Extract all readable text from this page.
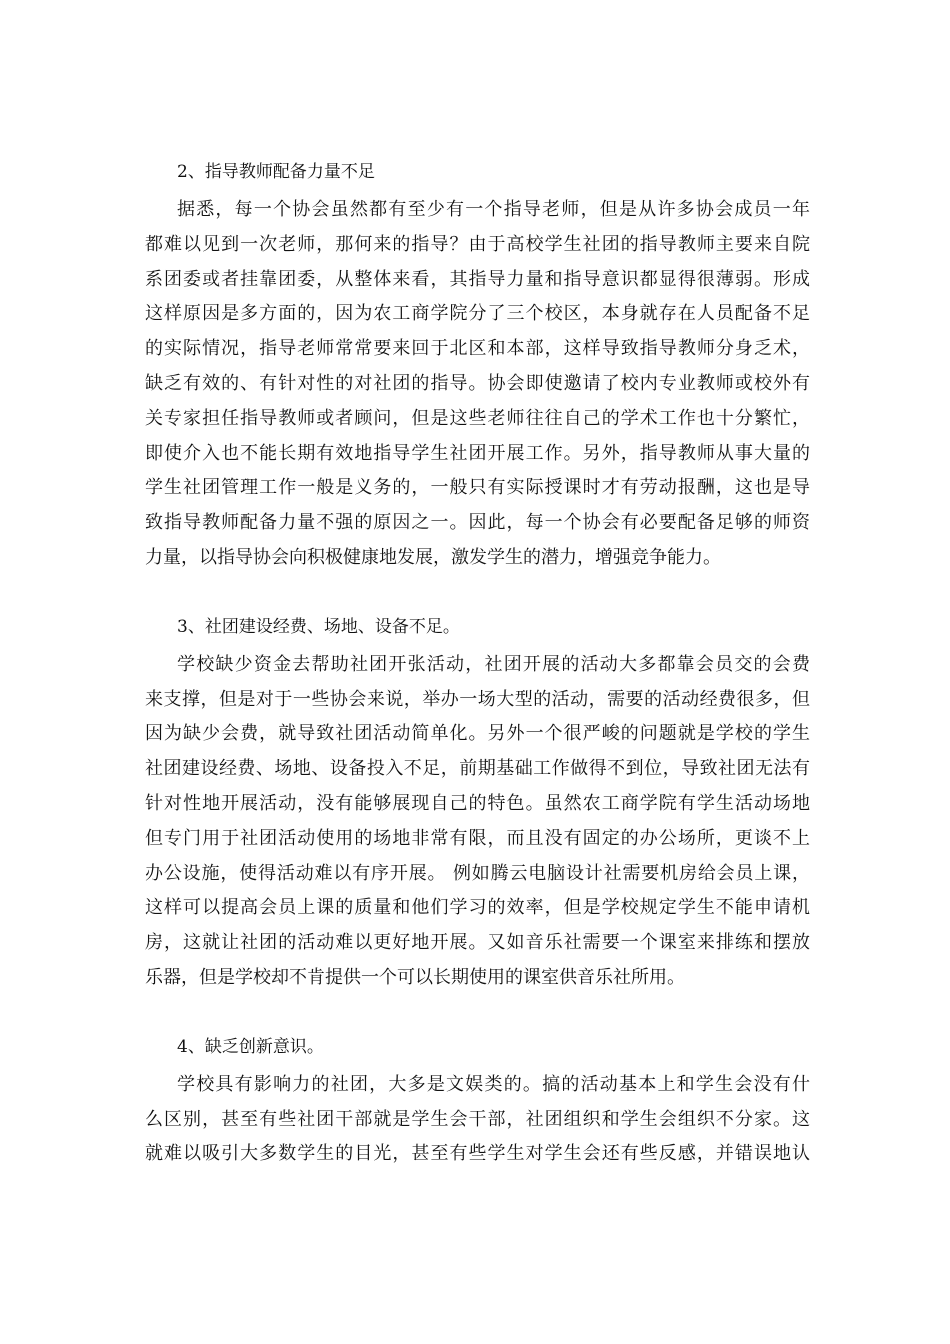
2、指导教师配备力量不足
据悉，每一个协会虽然都有至少有一个指导老师，但是从许多协会成员一年
都难以见到一次老师，那何来的指导？由于高校学生社团的指导教师主要来自院
系团委或者挂靠团委，从整体来看，其指导力量和指导意识都显得很薄弱。形成
这样原因是多方面的，因为农工商学院分了三个校区，本身就存在人员配备不足
的实际情况，指导老师常常要来回于北区和本部，这样导致指导教师分身乏术，
缺乏有效的、有针对性的对社团的指导。协会即使邀请了校内专业教师或校外有
关专家担任指导教师或者顾问，但是这些老师往往自己的学术工作也十分繁忙，
即使介入也不能长期有效地指导学生社团开展工作。另外，指导教师从事大量的
学生社团管理工作一般是义务的，一般只有实际授课时才有劳动报酬，这也是导
致指导教师配备力量不强的原因之一。因此，每一个协会有必要配备足够的师资
力量，以指导协会向积极健康地发展，激发学生的潜力，增强竞争能力。
3、社团建设经费、场地、设备不足。
学校缺少资金去帮助社团开张活动，社团开展的活动大多都靠会员交的会费
来支撑，但是对于一些协会来说，举办一场大型的活动，需要的活动经费很多，但
因为缺少会费，就导致社团活动简单化。另外一个很严峻的问题就是学校的学生
社团建设经费、场地、设备投入不足，前期基础工作做得不到位，导致社团无法有
针对性地开展活动，没有能够展现自己的特色。虽然农工商学院有学生活动场地
但专门用于社团活动使用的场地非常有限，而且没有固定的办公场所，更谈不上
办公设施，使得活动难以有序开展。 例如腾云电脑设计社需要机房给会员上课，
这样可以提高会员上课的质量和他们学习的效率，但是学校规定学生不能申请机
房，这就让社团的活动难以更好地开展。又如音乐社需要一个课室来排练和摆放
乐器，但是学校却不肯提供一个可以长期使用的课室供音乐社所用。
4、缺乏创新意识。
学校具有影响力的社团，大多是文娱类的。搞的活动基本上和学生会没有什
么区别，甚至有些社团干部就是学生会干部，社团组织和学生会组织不分家。这
就难以吸引大多数学生的目光，甚至有些学生对学生会还有些反感，并错误地认
